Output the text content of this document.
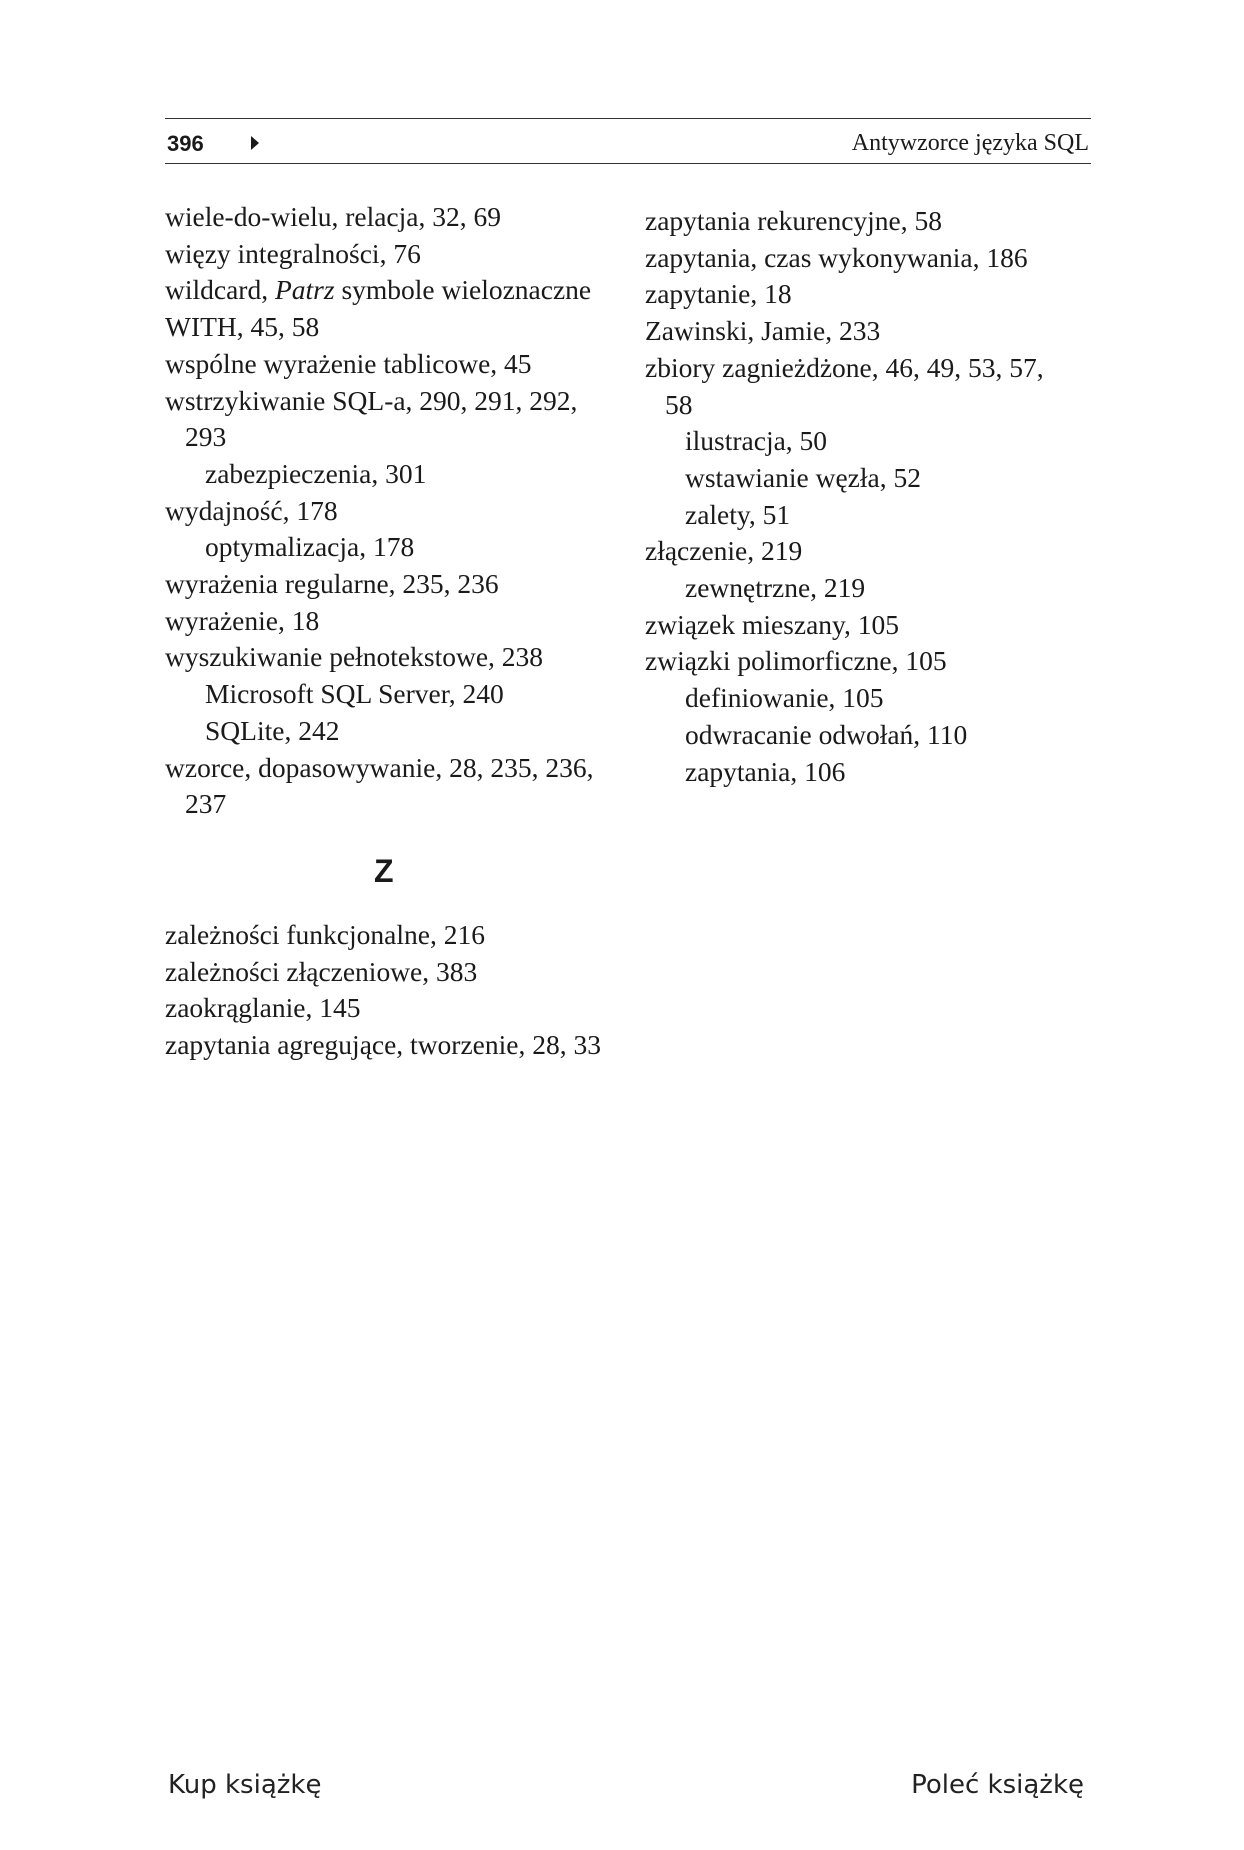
396	Antywzorce języka SQL
wiele-do-wielu, relacja, 32, 69
więzy integralności, 76
wildcard, Patrz symbole wieloznaczne
WITH, 45, 58
wspólne wyrażenie tablicowe, 45
wstrzykiwanie SQL-a, 290, 291, 292,
293
zabezpieczenia, 301
wydajność, 178
optymalizacja, 178
wyrażenia regularne, 235, 236
wyrażenie, 18
wyszukiwanie pełnotekstowe, 238
Microsoft SQL Server, 240
SQLite, 242
wzorce, dopasowywanie, 28, 235, 236,
237
Z
zależności funkcjonalne, 216
zależności złączeniowe, 383
zaokrąglanie, 145
zapytania agregujące, tworzenie, 28, 33
zapytania rekurencyjne, 58
zapytania, czas wykonywania, 186
zapytanie, 18
Zawinski, Jamie, 233
zbiory zagnieżdżone, 46, 49, 53, 57,
58
ilustracja, 50
wstawianie węzła, 52
zalety, 51
złączenie, 219
zewnętrzne, 219
związek mieszany, 105
związki polimorficzne, 105
definiowanie, 105
odwracanie odwołań, 110
zapytania, 106
Kup książkę	Poleć książkę
